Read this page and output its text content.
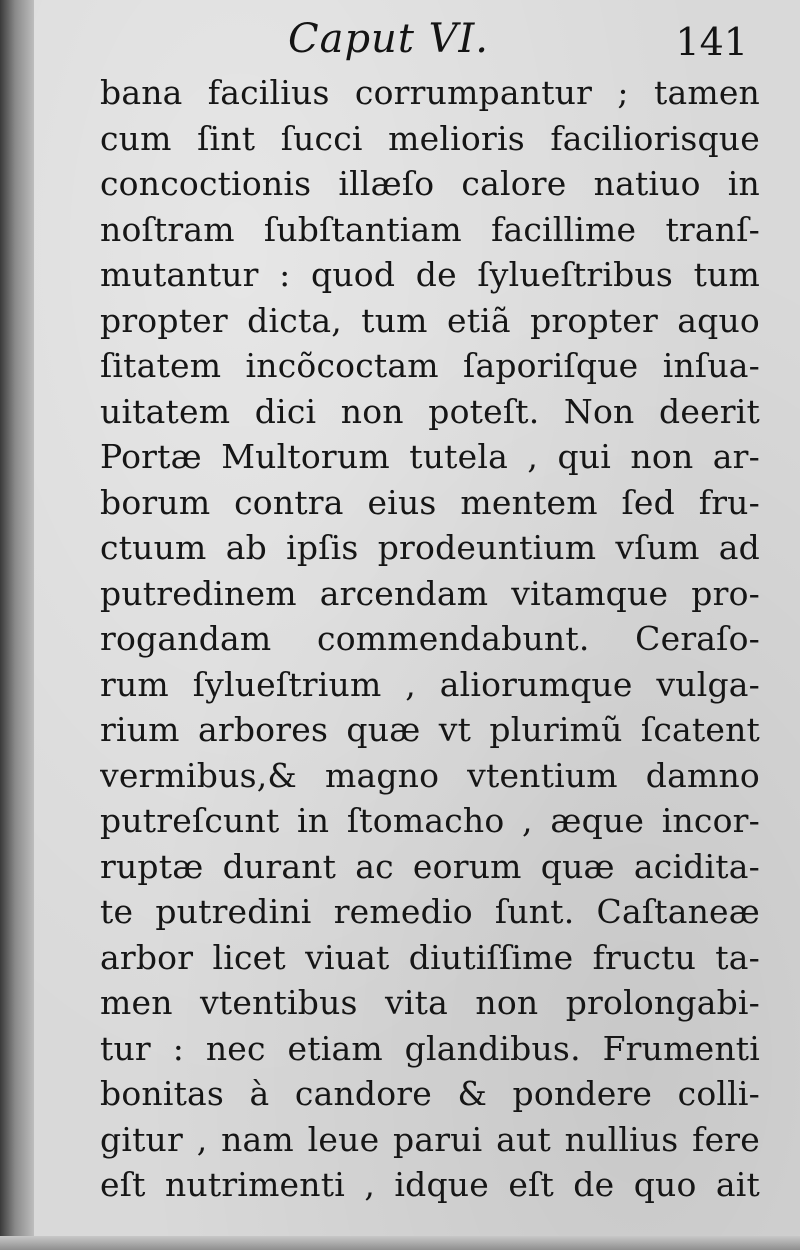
Caput VI.	141
bana facilius corrumpantur ; tamen
cum ſint ſucci melioris faciliorisque
concoctionis illæſo calore natiuo in
noſtram ſubſtantiam facillime tranſ-
mutantur : quod de ſylueſtribus tum
propter dicta, tum etiã propter aquo
ſitatem incõcoctam ſaporiſque inſua-
uitatem dici non poteſt. Non deerit
Portæ Multorum tutela , qui non ar-
borum contra eius mentem ſed fru-
ctuum ab ipſis prodeuntium vſum ad
putredinem arcendam vitamque pro-
rogandam commendabunt. Ceraſo-
rum ſylueſtrium , aliorumque vulga-
rium arbores quæ vt plurimũ ſcatent
vermibus,& magno vtentium damno
putreſcunt in ſtomacho , æque incor-
ruptæ durant ac eorum quæ acidita-
te putredini remedio ſunt. Caſtaneæ
arbor licet viuat diutiſſime fructu ta-
men vtentibus vita non prolongabi-
tur : nec etiam glandibus. Frumenti
bonitas à candore & pondere colli-
gitur , nam leue parui aut nullius fere
eſt nutrimenti , idque eſt de quo ait
